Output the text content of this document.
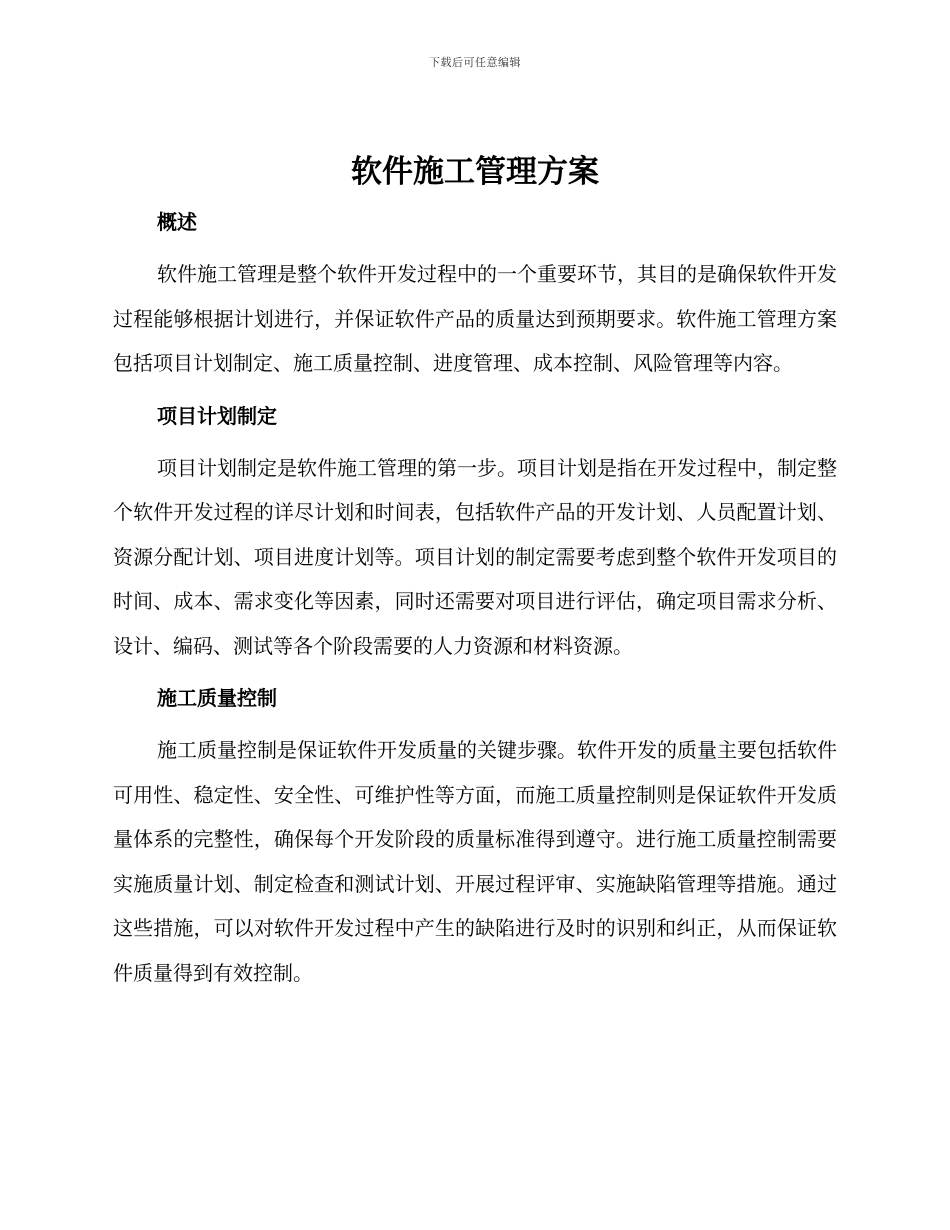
下载后可任意编辑
软件施工管理方案
概述

软件施工管理是整个软件开发过程中的一个重要环节，其目的是确保软件开发过程能够根据计划进行，并保证软件产品的质量达到预期要求。软件施工管理方案包括项目计划制定、施工质量控制、进度管理、成本控制、风险管理等内容。

项目计划制定

项目计划制定是软件施工管理的第一步。项目计划是指在开发过程中，制定整个软件开发过程的详尽计划和时间表，包括软件产品的开发计划、人员配置计划、资源分配计划、项目进度计划等。项目计划的制定需要考虑到整个软件开发项目的时间、成本、需求变化等因素，同时还需要对项目进行评估，确定项目需求分析、设计、编码、测试等各个阶段需要的人力资源和材料资源。

施工质量控制

施工质量控制是保证软件开发质量的关键步骤。软件开发的质量主要包括软件可用性、稳定性、安全性、可维护性等方面，而施工质量控制则是保证软件开发质量体系的完整性，确保每个开发阶段的质量标准得到遵守。进行施工质量控制需要实施质量计划、制定检查和测试计划、开展过程评审、实施缺陷管理等措施。通过这些措施，可以对软件开发过程中产生的缺陷进行及时的识别和纠正，从而保证软件质量得到有效控制。
